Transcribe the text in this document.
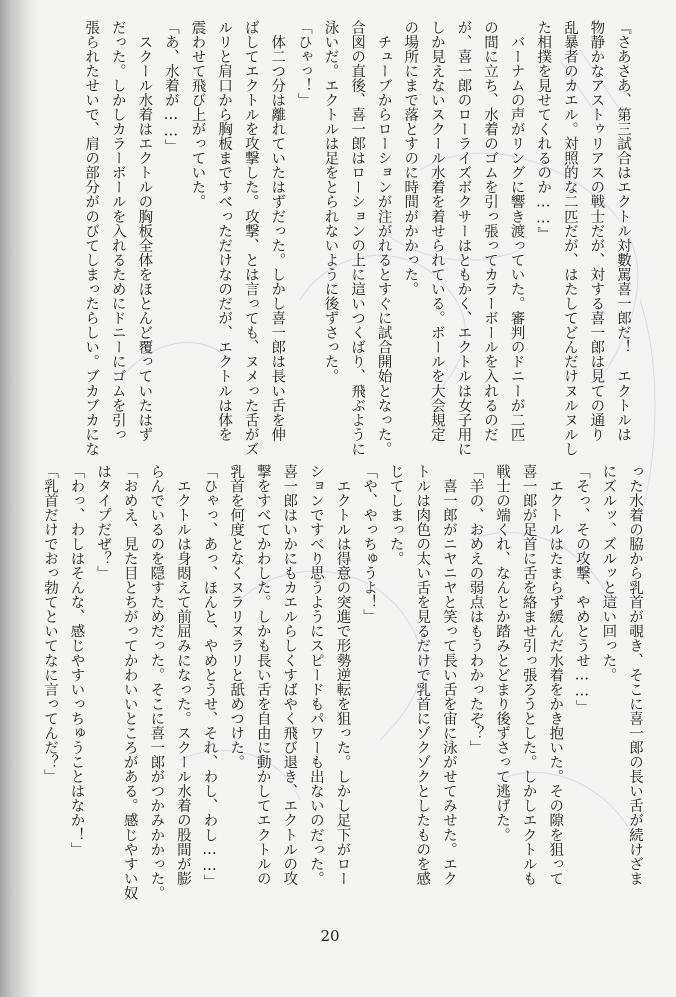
『さあさあ、第三試合はエクトル対數罵喜一郎だ！　エクトルは
物静かなアストゥリアスの戦士だが、対する喜一郎は見ての通り
乱暴者のカエル。対照的な二匹だが、はたしてどんだけヌルヌルし
た相撲を見せてくれるのか……』
　バーナムの声がリングに響き渡っていた。審判のドニーが二匹
の間に立ち、水着のゴムを引っ張ってカラーボールを入れるのだ
が、喜一郎のローライズボクサーはともかく、エクトルは女子用に
しか見えないスクール水着を着せられている。ボールを大会規定
の場所にまで落とすのに時間がかかった。
　チューブからローションが注がれるとすぐに試合開始となった。
合図の直後、喜一郎はローションの上に這いつくばり、飛ぶように
泳いだ。エクトルは足をとられないように後ずさった。
「ひゃっ！」
　体二つ分は離れていたはずだった。しかし喜一郎は長い舌を伸
ばしてエクトルを攻撃した。攻撃、とは言っても、ヌメった舌がズ
ルリと肩口から胸板まですべっただけなのだが、エクトルは体を
震わせて飛び上がっていた。
「あ、水着が……」
　スクール水着はエクトルの胸板全体をほとんど覆っていたはず
だった。しかしカラーボールを入れるためにドニーにゴムを引っ
張られたせいで、肩の部分がのびてしまったらしい。ブカブカにな
った水着の脇から乳首が覗き、そこに喜一郎の長い舌が続けざま
にズルッ、ズルッと這い回った。
「そっ、その攻撃、やめとうせ……」
　エクトルはたまらず緩んだ水着をかき抱いた。その隙を狙って
喜一郎が足首に舌を絡ませ引っ張ろうとした。しかしエクトルも
戦士の端くれ、なんとか踏みとどまり後ずさって逃げた。
「羊の、おめえの弱点はもうわかったぞ？」
　喜一郎がニヤニヤと笑って長い舌を宙に泳がせてみせた。エク
トルは肉色の太い舌を見るだけで乳首にゾクゾクとしたものを感
じてしまった。
「や、やっちゅうよ！」
　エクトルは得意の突進で形勢逆転を狙った。しかし足下がロー
ションですべり思うようにスピードもパワーも出ないのだった。
喜一郎はいかにもカエルらしくすばやく飛び退き、エクトルの攻
撃をすべてかわした。しかも長い舌を自由に動かしてエクトルの
乳首を何度となくヌラリヌラリと舐めつけた。
「ひゃっ、あっ、ほんと、やめとうせ、それ、わし、わし……」
　エクトルは身悶えて前屈みになった。スクール水着の股間が膨
らんでいるのを隠すためだった。そこに喜一郎がつかみかかった。
「おめえ、見た目とちがってかわいいところがある。感じやすい奴
はタイプだぜ？」
「わっ、わしはそんな、感じやすいっちゅうことはなか！」
「乳首だけでおっ勃てといてなに言ってんだ？」
20
